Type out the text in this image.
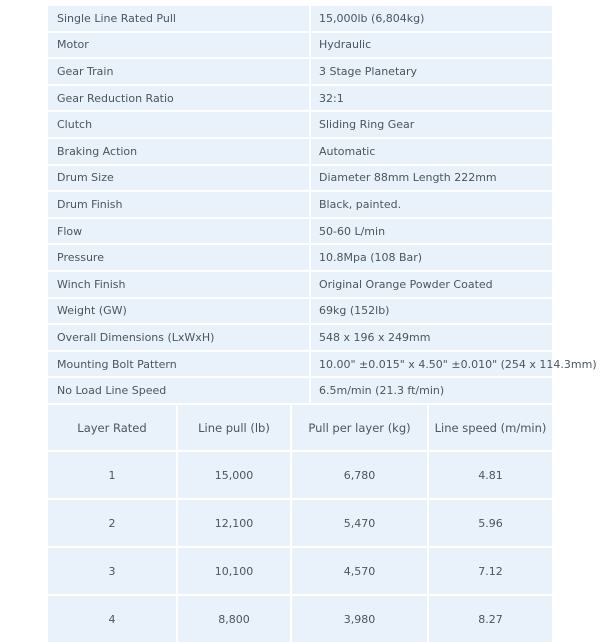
Single Line Rated Pull	15,000lb (6,804kg)
Motor	Hydraulic
Gear Train	3 Stage Planetary
Gear Reduction Ratio	32:1
Clutch	Sliding Ring Gear
Braking Action	Automatic
Drum Size	Diameter 88mm Length 222mm
Drum Finish	Black, painted.
Flow	50-60 L/min
Pressure	10.8Mpa (108 Bar)
Winch Finish	Original Orange Powder Coated
Weight (GW)	69kg (152lb)
Overall Dimensions (LxWxH)	548 x 196 x 249mm
Mounting Bolt Pattern	10.00" ±0.015" x 4.50" ±0.010" (254 x 114.3mm)
No Load Line Speed	6.5m/min (21.3 ft/min)
Layer Rated	Line pull (lb)	Pull per layer (kg)	Line speed (m/min)
1	15,000	6,780	4.81
2	12,100	5,470	5.96
3	10,100	4,570	7.12
4	8,800	3,980	8.27
